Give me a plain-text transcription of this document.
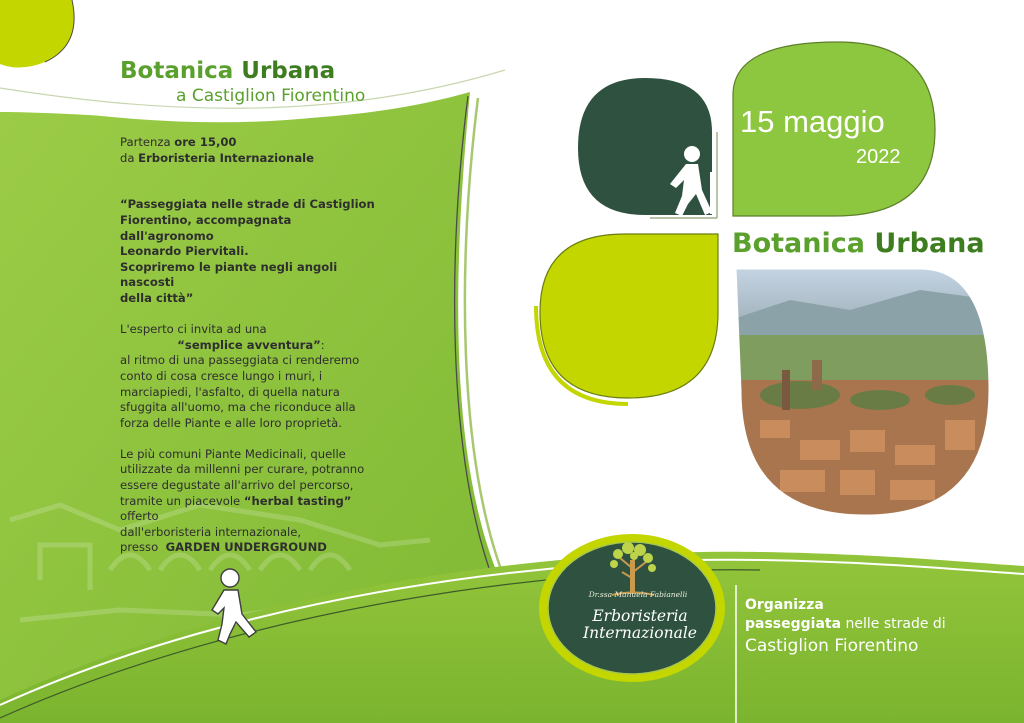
Botanica Urbana
a Castiglion Fiorentino

Partenza ore 15,00

da Erboristeria Internazionale

“Passeggiata nelle strade di Castiglion

Fiorentino, accompagnata dall'agronomo

Leonardo Piervitali.

Scopriremo le piante negli angoli nascosti

della città”

L'esperto ci invita ad una

“semplice avventura”:

al ritmo di una passeggiata ci renderemo

conto di cosa cresce lungo i muri, i

marciapiedi, l'asfalto, di quella natura

sfuggita all'uomo, ma che riconduce alla

forza delle Piante e alle loro proprietà.

Le più comuni Piante Medicinali, quelle

utilizzate da millenni per curare, potranno

essere degustate all'arrivo del percorso,

tramite un piacevole “herbal tasting” offerto

dall'erboristeria internazionale,

presso GARDEN UNDERGROUND

15 maggio
2022
Botanica Urbana
Dr.ssa Manuela Fabianelli
Erboristeria
Internazionale
Organizza
passeggiata nelle strade di
Castiglion Fiorentino
